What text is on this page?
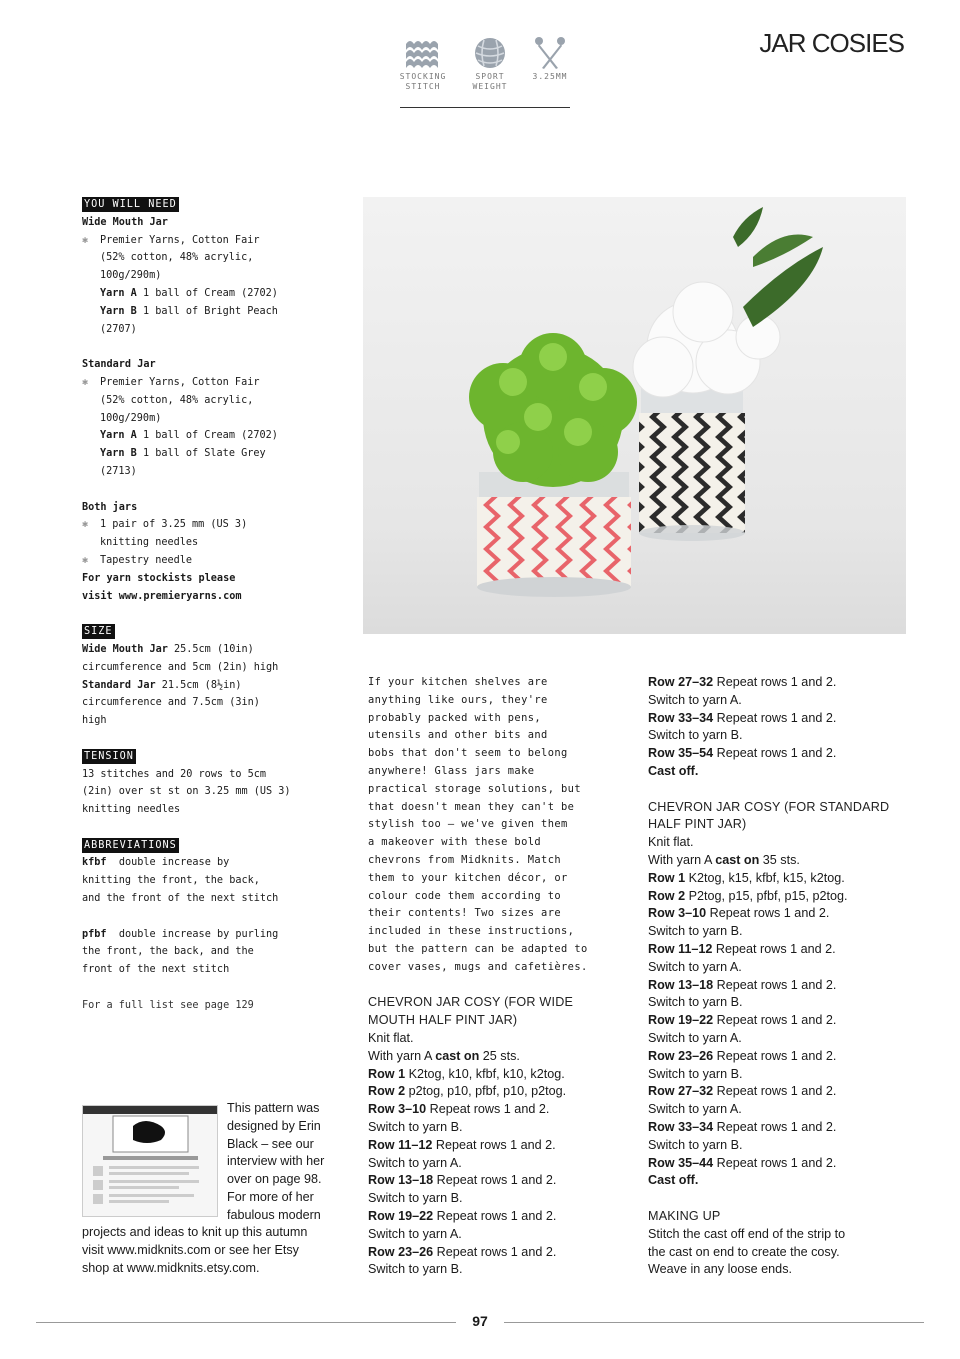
STOCKING
STITCH
SPORT
WEIGHT
3.25MM
JAR COSIES
YOU WILL NEED
Wide Mouth Jar
✱	Premier Yarns, Cotton Fair
(52% cotton, 48% acrylic,
100g/290m)
Yarn A 1 ball of Cream (2702)
Yarn B 1 ball of Bright Peach
(2707)
Standard Jar
✱	Premier Yarns, Cotton Fair
(52% cotton, 48% acrylic,
100g/290m)
Yarn A 1 ball of Cream (2702)
Yarn B 1 ball of Slate Grey
(2713)
Both jars
✱	1 pair of 3.25 mm (US 3)
knitting needles
✱	Tapestry needle
For yarn stockists please
visit www.premieryarns.com
SIZE
Wide Mouth Jar 25.5cm (10in)
circumference and 5cm (2in) high
Standard Jar 21.5cm (8½in)
circumference and 7.5cm (3in)
high
TENSION
13 stitches and 20 rows to 5cm
(2in) over st st on 3.25 mm (US 3)
knitting needles
ABBREVIATIONS
kfbf double increase by
knitting the front, the back,
and the front of the next stitch
pfbf double increase by purling
the front, the back, and the
front of the next stitch
For a full list see page 129
This pattern was
designed by Erin
Black – see our
interview with her
over on page 98.
For more of her
fabulous modern
projects and ideas to knit up this autumn
visit www.midknits.com or see her Etsy
shop at www.midknits.etsy.com.
If your kitchen shelves are
anything like ours, they're
probably packed with pens,
utensils and other bits and
bobs that don't seem to belong
anywhere! Glass jars make
practical storage solutions, but
that doesn't mean they can't be
stylish too – we've given them
a makeover with these bold
chevrons from Midknits. Match
them to your kitchen décor, or
colour code them according to
their contents! Two sizes are
included in these instructions,
but the pattern can be adapted to
cover vases, mugs and cafetières.
CHEVRON JAR COSY (FOR WIDE
MOUTH HALF PINT JAR)
Knit flat.
With yarn A cast on 25 sts.
Row 1 K2tog, k10, kfbf, k10, k2tog.
Row 2 p2tog, p10, pfbf, p10, p2tog.
Row 3–10 Repeat rows 1 and 2.
Switch to yarn B.
Row 11–12 Repeat rows 1 and 2.
Switch to yarn A.
Row 13–18 Repeat rows 1 and 2.
Switch to yarn B.
Row 19–22 Repeat rows 1 and 2.
Switch to yarn A.
Row 23–26 Repeat rows 1 and 2.
Switch to yarn B.
Row 27–32 Repeat rows 1 and 2.
Switch to yarn A.
Row 33–34 Repeat rows 1 and 2.
Switch to yarn B.
Row 35–54 Repeat rows 1 and 2.
Cast off.
CHEVRON JAR COSY (FOR STANDARD
HALF PINT JAR)
Knit flat.
With yarn A cast on 35 sts.
Row 1 K2tog, k15, kfbf, k15, k2tog.
Row 2 P2tog, p15, pfbf, p15, p2tog.
Row 3–10 Repeat rows 1 and 2.
Switch to yarn B.
Row 11–12 Repeat rows 1 and 2.
Switch to yarn A.
Row 13–18 Repeat rows 1 and 2.
Switch to yarn B.
Row 19–22 Repeat rows 1 and 2.
Switch to yarn A.
Row 23–26 Repeat rows 1 and 2.
Switch to yarn B.
Row 27–32 Repeat rows 1 and 2.
Switch to yarn A.
Row 33–34 Repeat rows 1 and 2.
Switch to yarn B.
Row 35–44 Repeat rows 1 and 2.
Cast off.
MAKING UP
Stitch the cast off end of the strip to
the cast on end to create the cosy.
Weave in any loose ends.
97
